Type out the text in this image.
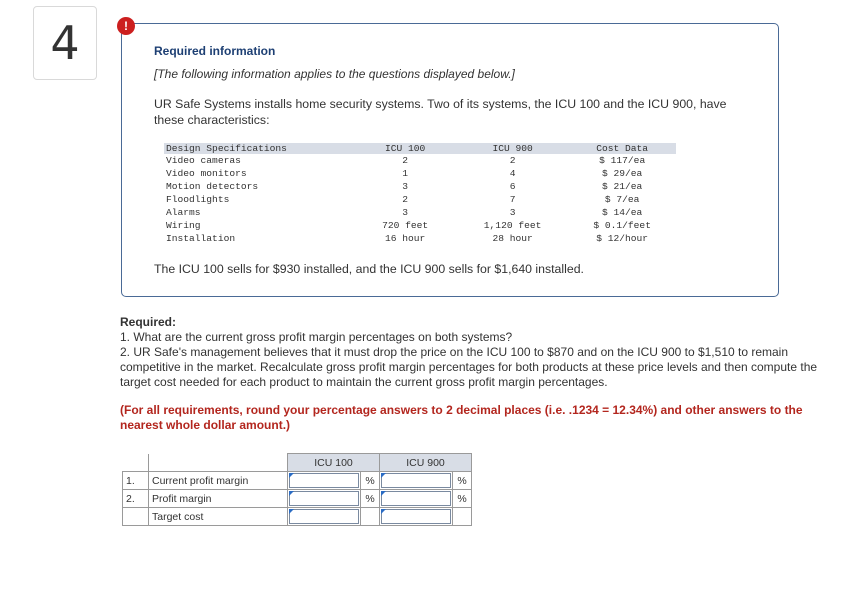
4	!
Required information
[The following information applies to the questions displayed below.]
UR Safe Systems installs home security systems. Two of its systems, the ICU 100 and the ICU 900, have these characteristics:
Design Specifications	ICU 100	ICU 900	Cost Data
Video cameras	2	2	$ 117/ea
Video monitors	1	4	$ 29/ea
Motion detectors	3	6	$ 21/ea
Floodlights	2	7	$ 7/ea
Alarms	3	3	$ 14/ea
Wiring	720 feet	1,120 feet	$ 0.1/feet
Installation	16 hour	28 hour	$ 12/hour
The ICU 100 sells for $930 installed, and the ICU 900 sells for $1,640 installed.
Required:
1. What are the current gross profit margin percentages on both systems?
2. UR Safe's management believes that it must drop the price on the ICU 100 to $870 and on the ICU 900 to $1,510 to remain competitive in the market. Recalculate gross profit margin percentages for both products at these price levels and then compute the target cost needed for each product to maintain the current gross profit margin percentages.
(For all requirements, round your percentage answers to 2 decimal places (i.e. .1234 = 12.34%) and other answers to the nearest whole dollar amount.)
		ICU 100		ICU 900	
1.	Current profit margin		%		%
2.	Profit margin		%		%
	Target cost	
